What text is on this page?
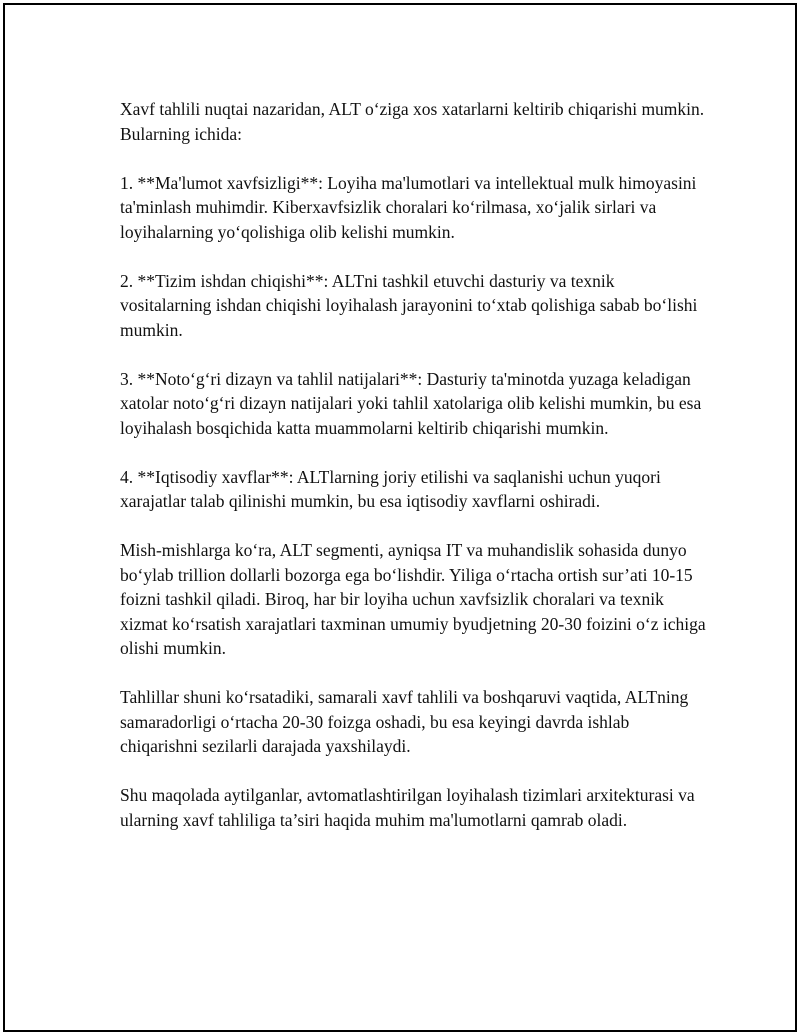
Xavf tahlili nuqtai nazaridan, ALT o‘ziga xos xatarlarni keltirib chiqarishi mumkin. Bularning ichida:

1. **Ma'lumot xavfsizligi**: Loyiha ma'lumotlari va intellektual mulk himoyasini ta'minlash muhimdir. Kiberxavfsizlik choralari ko‘rilmasa, xo‘jalik sirlari va loyihalarning yo‘qolishiga olib kelishi mumkin.

2. **Tizim ishdan chiqishi**: ALTni tashkil etuvchi dasturiy va texnik vositalarning ishdan chiqishi loyihalash jarayonini to‘xtab qolishiga sabab bo‘lishi mumkin.

3. **Noto‘g‘ri dizayn va tahlil natijalari**: Dasturiy ta'minotda yuzaga keladigan xatolar noto‘g‘ri dizayn natijalari yoki tahlil xatolariga olib kelishi mumkin, bu esa loyihalash bosqichida katta muammolarni keltirib chiqarishi mumkin.

4. **Iqtisodiy xavflar**: ALTlarning joriy etilishi va saqlanishi uchun yuqori xarajatlar talab qilinishi mumkin, bu esa iqtisodiy xavflarni oshiradi.

Mish-mishlarga ko‘ra, ALT segmenti, ayniqsa IT va muhandislik sohasida dunyo bo‘ylab trillion dollarli bozorga ega bo‘lishdir. Yiliga o‘rtacha ortish sur’ati 10-15 foizni tashkil qiladi. Biroq, har bir loyiha uchun xavfsizlik choralari va texnik xizmat ko‘rsatish xarajatlari taxminan umumiy byudjetning 20-30 foizini o‘z ichiga olishi mumkin.

Tahlillar shuni ko‘rsatadiki, samarali xavf tahlili va boshqaruvi vaqtida, ALTning samaradorligi o‘rtacha 20-30 foizga oshadi, bu esa keyingi davrda ishlab chiqarishni sezilarli darajada yaxshilaydi.

Shu maqolada aytilganlar, avtomatlashtirilgan loyihalash tizimlari arxitekturasi va ularning xavf tahliliga ta’siri haqida muhim ma'lumotlarni qamrab oladi.
